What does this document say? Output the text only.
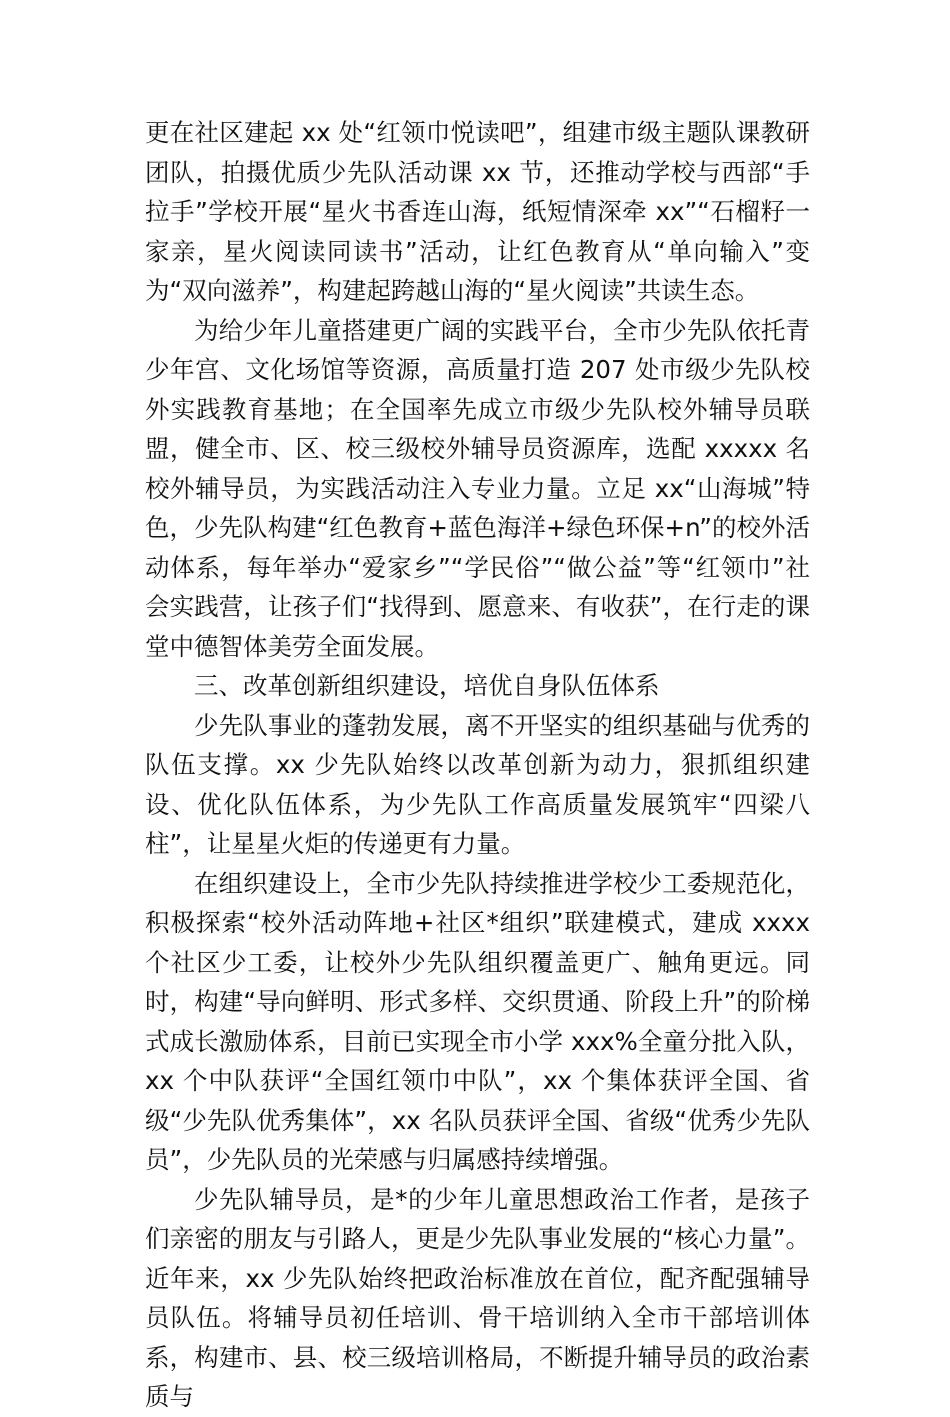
更在社区建起 xx 处“红领巾悦读吧”，组建市级主题队课教研团队，拍摄优质少先队活动课 xx 节，还推动学校与西部“手拉手”学校开展“星火书香连山海，纸短情深牵 xx”“石榴籽一家亲，星火阅读同读书”活动，让红色教育从“单向输入”变为“双向滋养”，构建起跨越山海的“星火阅读”共读生态。

为给少年儿童搭建更广阔的实践平台，全市少先队依托青少年宫、文化场馆等资源，高质量打造 207 处市级少先队校外实践教育基地；在全国率先成立市级少先队校外辅导员联盟，健全市、区、校三级校外辅导员资源库，选配 xxxxx 名校外辅导员，为实践活动注入专业力量。立足 xx“山海城”特色，少先队构建“红色教育+蓝色海洋+绿色环保+n”的校外活动体系，每年举办“爱家乡”“学民俗”“做公益”等“红领巾”社会实践营，让孩子们“找得到、愿意来、有收获”，在行走的课堂中德智体美劳全面发展。

三、改革创新组织建设，培优自身队伍体系

少先队事业的蓬勃发展，离不开坚实的组织基础与优秀的队伍支撑。xx 少先队始终以改革创新为动力，狠抓组织建设、优化队伍体系，为少先队工作高质量发展筑牢“四梁八柱”，让星星火炬的传递更有力量。

在组织建设上，全市少先队持续推进学校少工委规范化，积极探索“校外活动阵地+社区*组织”联建模式，建成 xxxx 个社区少工委，让校外少先队组织覆盖更广、触角更远。同时，构建“导向鲜明、形式多样、交织贯通、阶段上升”的阶梯式成长激励体系，目前已实现全市小学 xxx%全童分批入队，xx 个中队获评“全国红领巾中队”，xx 个集体获评全国、省级“少先队优秀集体”，xx 名队员获评全国、省级“优秀少先队员”，少先队员的光荣感与归属感持续增强。

少先队辅导员，是*的少年儿童思想政治工作者，是孩子们亲密的朋友与引路人，更是少先队事业发展的“核心力量”。近年来，xx 少先队始终把政治标准放在首位，配齐配强辅导员队伍。将辅导员初任培训、骨干培训纳入全市干部培训体系，构建市、县、校三级培训格局，不断提升辅导员的政治素质与
